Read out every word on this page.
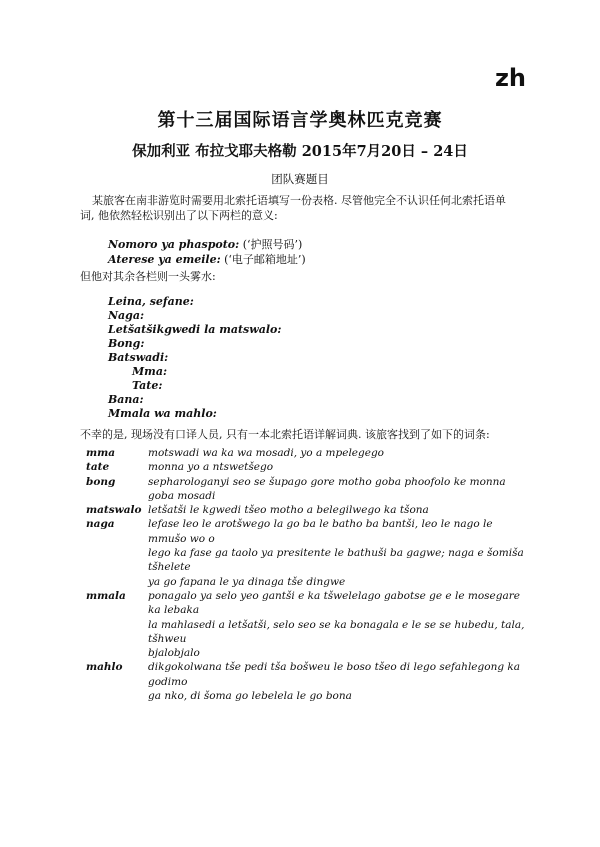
zh
第十三届国际语言学奥林匹克竞赛
保加利亚 布拉戈耶夫格勒 2015年7月20日 – 24日
团队赛题目
某旅客在南非游览时需要用北索托语填写一份表格. 尽管他完全不认识任何北索托语单词, 他依然轻松识别出了以下两栏的意义:
Nomoro ya phaspoto: (‘护照号码’)
Aterese ya emeile: (‘电子邮箱地址’)
但他对其余各栏则一头雾水:
Leina, sefane:
Naga:
Letšatšikgwedi la matswalo:
Bong:
Batswadi:
Mma:
Tate:
Bana:
Mmala wa mahlo:
不幸的是, 现场没有口译人员, 只有一本北索托语详解词典. 该旅客找到了如下的词条:
mma	motswadi wa ka wa mosadi, yo a mpelegego
tate	monna yo a ntswetšego
bong	sepharologanyi seo se šupago gore motho goba phoofolo ke monna goba mosadi
matswalo letšatši le kgwedi tšeo motho a belegilwego ka tšona
naga	lefase leo le arotšwego la go ba le batho ba bantši, leo le nago le mmušo wo o
lego ka fase ga taolo ya presitente le bathuši ba gagwe; naga e šomiša tšhelete
ya go fapana le ya dinaga tše dingwe
mmala	ponagalo ya selo yeo gantši e ka tšwelelago gabotse ge e le mosegare ka lebaka
la mahlasedi a letšatši, selo seo se ka bonagala e le se se hubedu, tala, tšhweu
bjalobjalo
mahlo	dikgokolwana tše pedi tša bošweu le boso tšeo di lego sefahlegong ka godimo
ga nko, di šoma go lebelela le go bona
